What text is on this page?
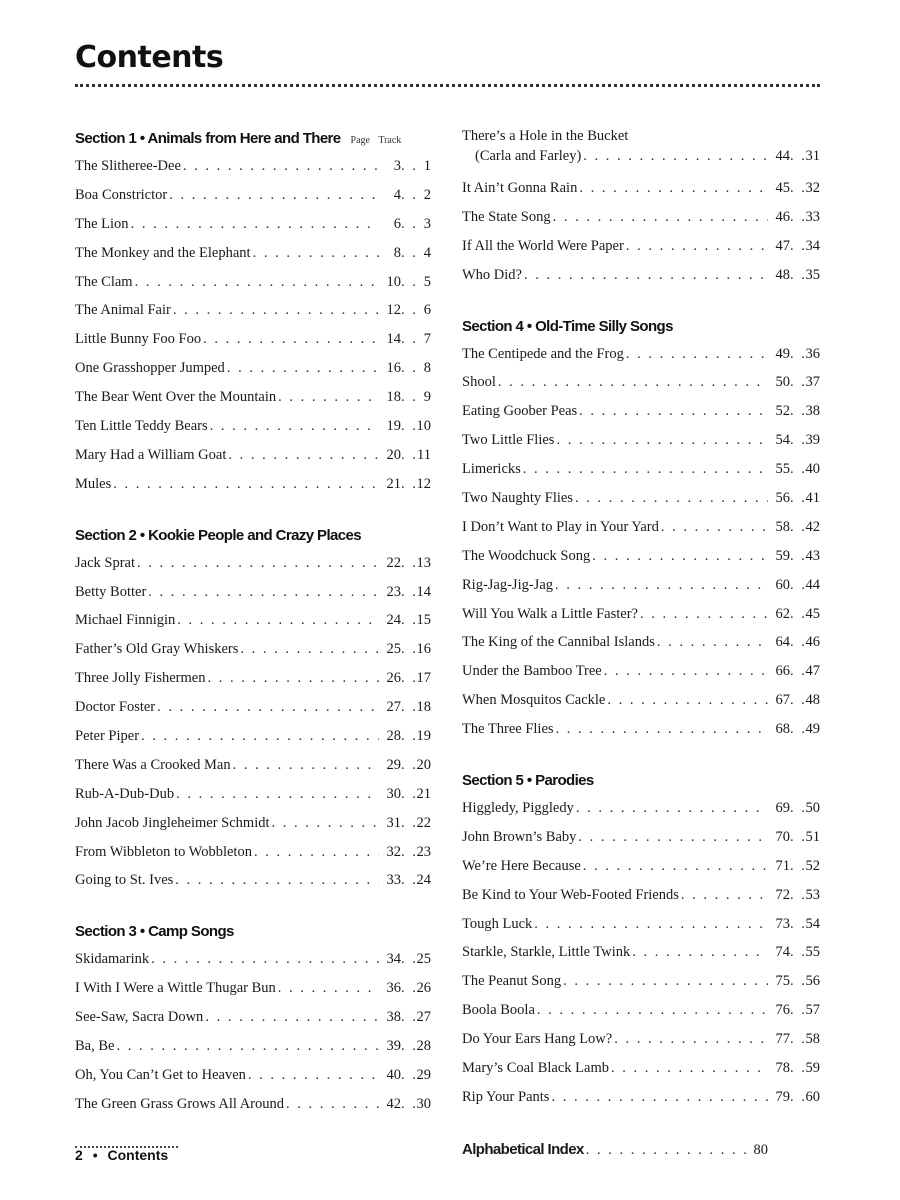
Contents
Section 1 • Animals from Here and There Page Track
The Slitheree-Dee . . .	3 . . . .	1
Boa Constrictor . . .	4 . . . .	2
The Lion . . .	6 . . . .	3
The Monkey and the Elephant . . .	8 . . . .	4
The Clam . . .	10 . . . .	5
The Animal Fair . . .	12 . . . .	6
Little Bunny Foo Foo . . .	14 . . . .	7
One Grasshopper Jumped . . .	16 . . . .	8
The Bear Went Over the Mountain . . .	18 . . . .	9
Ten Little Teddy Bears . . .	19 . . . . 10
Mary Had a William Goat . . .	20 . . . . 11
Mules . . .	21 . . . . 12
Section 2 • Kookie People and Crazy Places
Jack Sprat . . .	22 . . . . 13
Betty Botter . . .	23 . . . . 14
Michael Finnigin . . .	24 . . . . 15
Father’s Old Gray Whiskers . . .	25 . . . . 16
Three Jolly Fishermen . . .	26 . . . . 17
Doctor Foster . . .	27 . . . . 18
Peter Piper . . .	28 . . . . 19
There Was a Crooked Man . . .	29 . . . . 20
Rub-A-Dub-Dub . . .	30 . . . . 21
John Jacob Jingleheimer Schmidt . . .	31 . . . . 22
From Wibbleton to Wobbleton . . .	32 . . . . 23
Going to St. Ives . . .	33 . . . . 24
Section 3 • Camp Songs
Skidamarink . . .	34 . . . . 25
I With I Were a Wittle Thugar Bun . . .	36 . . . . 26
See-Saw, Sacra Down . . .	38 . . . . 27
Ba, Be . . .	39 . . . . 28
Oh, You Can’t Get to Heaven . . .	40 . . . . 29
The Green Grass Grows All Around . . .	42 . . . . 30
There’s a Hole in the Bucket
(Carla and Farley) . . .	44 . . . . 31
It Ain’t Gonna Rain . . .	45 . . . . 32
The State Song . . .	46 . . . . 33
If All the World Were Paper . . .	47 . . . . 34
Who Did? . . .	48 . . . . 35
Section 4 • Old-Time Silly Songs
The Centipede and the Frog . . .	49 . . . . 36
Shool . . .	50 . . . . 37
Eating Goober Peas . . .	52 . . . . 38
Two Little Flies . . .	54 . . . . 39
Limericks . . .	55 . . . . 40
Two Naughty Flies . . .	56 . . . . 41
I Don’t Want to Play in Your Yard . . .	58 . . . . 42
The Woodchuck Song . . .	59 . . . . 43
Rig-Jag-Jig-Jag . . .	60 . . . . 44
Will You Walk a Little Faster? . . .	62 . . . . 45
The King of the Cannibal Islands . . .	64 . . . . 46
Under the Bamboo Tree . . .	66 . . . . 47
When Mosquitos Cackle . . .	67 . . . . 48
The Three Flies . . .	68 . . . . 49
Section 5 • Parodies
Higgledy, Piggledy . . .	69 . . . . 50
John Brown’s Baby . . .	70 . . . . 51
We’re Here Because . . .	71 . . . . 52
Be Kind to Your Web-Footed Friends . . .	72 . . . . 53
Tough Luck . . .	73 . . . . 54
Starkle, Starkle, Little Twink . . .	74 . . . . 55
The Peanut Song . . .	75 . . . . 56
Boola Boola . . .	76 . . . . 57
Do Your Ears Hang Low? . . .	77 . . . . 58
Mary’s Coal Black Lamb . . .	78 . . . . 59
Rip Your Pants . . .	79 . . . . 60
Alphabetical Index . . .	80
2 • Contents
